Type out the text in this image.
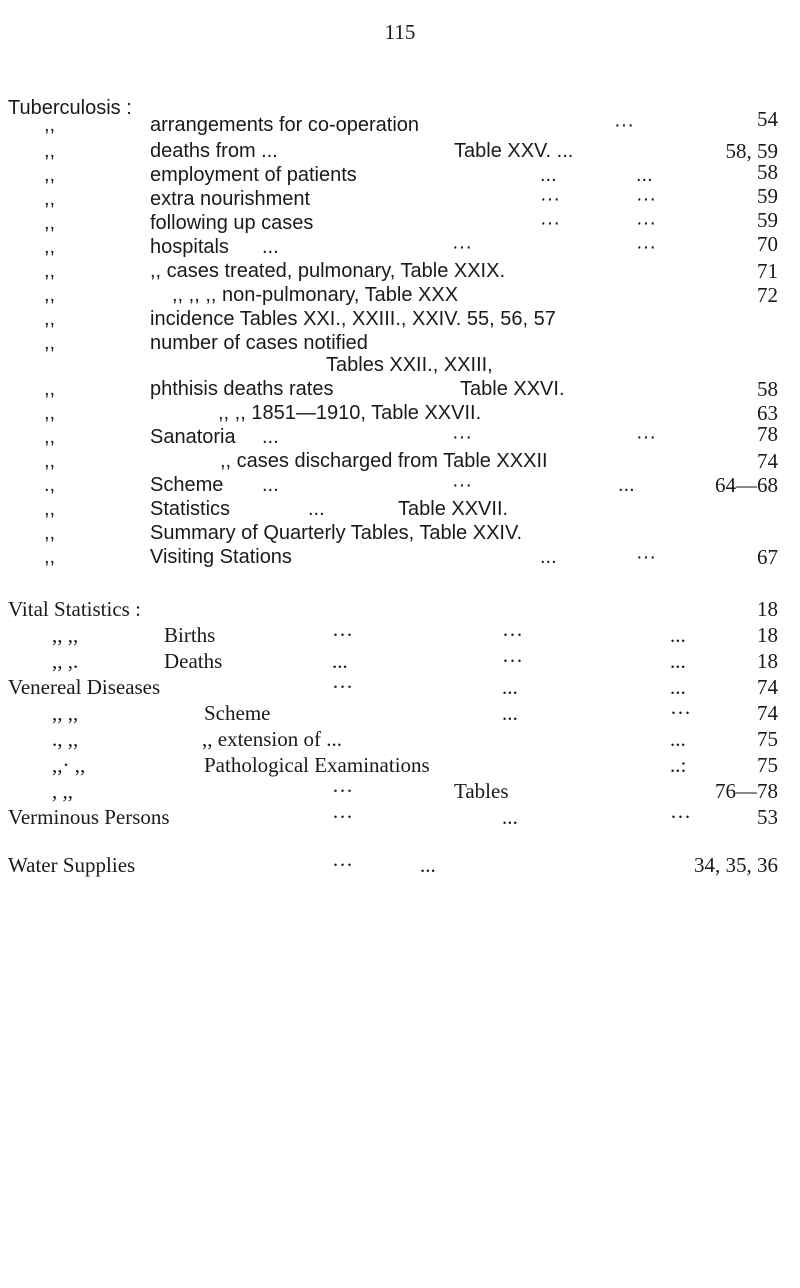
115
Tuberculosis :
,,	arrangements for co-operation	···	54
,,	deaths from ...	Table XXV. ...	58, 59
,,	employment of patients	...	...	58
,,	extra nourishment	···	···	59
,,	following up cases	···	···	59
,,	hospitals ...	···	···	70
,,	,, cases treated, pulmonary, Table XXIX.	71
,,	,, ,, ,, non-pulmonary, Table XXX	72
,,	incidence Tables XXI., XXIII., XXIV. 55, 56, 57
,,	number of cases notified
Tables XXII., XXIII,
,,	phthisis deaths rates	Table XXVI.	58
,,	,, ,, 1851—1910, Table XXVII.	63
,,	Sanatoria ...	···	···	78
,,	,, cases discharged from Table XXXII	74
.,	Scheme ...	···	...	64—68
,,	Statistics	...	Table XXVII.
,,	Summary of Quarterly Tables, Table XXIV.
,,	Visiting Stations	...	···	67
Vital Statistics :	18
,, ,,	Births	···	···	...	18
,, ,.	Deaths	...	···	...	18
Venereal Diseases	···	...	...	74
,, ,,	Scheme	...	···	74
., ,,	,, extension of ...	...	75
,,· ,,	Pathological Examinations	..:	75
, ,,	···	Tables	76—78
Verminous Persons	···	...	···	53
Water Supplies	···	...	34, 35, 36
